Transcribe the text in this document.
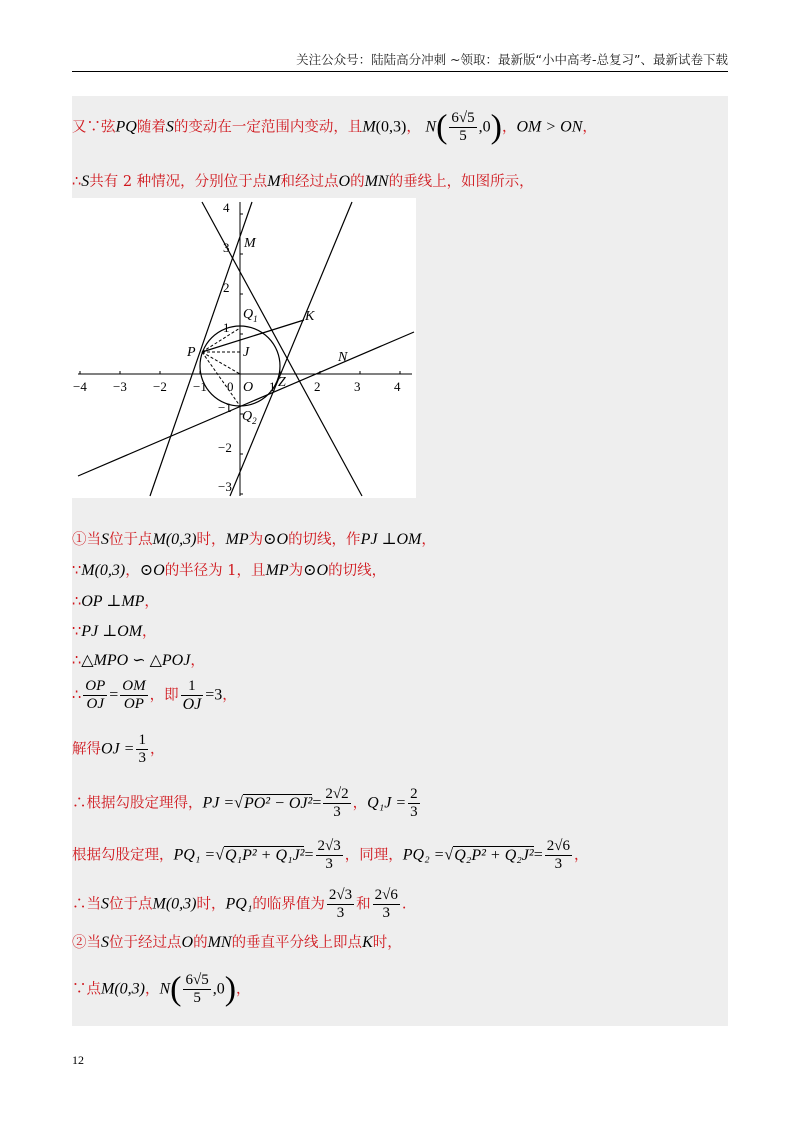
关注公众号：陆陆高分冲刺 ~领取：最新版“小中高考-总复习”、最新试卷下载
又∵弦PQ随着S的变动在一定范围内变动，且M(0,3)， $N( \frac{6√5}{5} ,0)$，OM > ON，
∴S共有 2 种情况，分别位于点M和经过点O的MN的垂线上，如图所示，
−4 −3 −2 −1 0	1	2	3	4
4
3
2
1
−1
−2
−3
M
K
$Q_1$
P	J
O
N
Z
$Q_2$
①当S位于点M(0,3)时，MP为⊙O的切线，作PJ ⊥OM，
∵M(0,3)，⊙O的半径为 1，且MP为⊙O的切线，
∴OP ⊥MP，
∵PJ ⊥OM，
∴△MPO ∽ △POJ，
∴ $\frac{OP}{OJ} = \frac{OM}{OP}$ ，即 $\frac{1}{OJ} =3$，
解得OJ = $\frac{1}{3}$ ，
∴根据勾股定理得，PJ $=√PO^2 - OJ^2= \frac{2√2}{3}$ ，$Q_1J = \frac{2}{3}$
根据勾股定理，$PQ_1 =√Q_1P^2 + Q_1J^2= \frac{2√3}{3}$ ，同理，$PQ_2 =√Q_2P^2 + Q_2J^2= \frac{2√6}{3}$ ，
∴当S位于点M(0,3)时，PQ₁的临界值为 $\frac{2√3}{3}$ 和 $\frac{2√6}{3}$ .
②当S位于经过点O的MN的垂直平分线上即点K时，
∵点M(0,3)，$N( \frac{6√5}{5} ,0)$，
12
